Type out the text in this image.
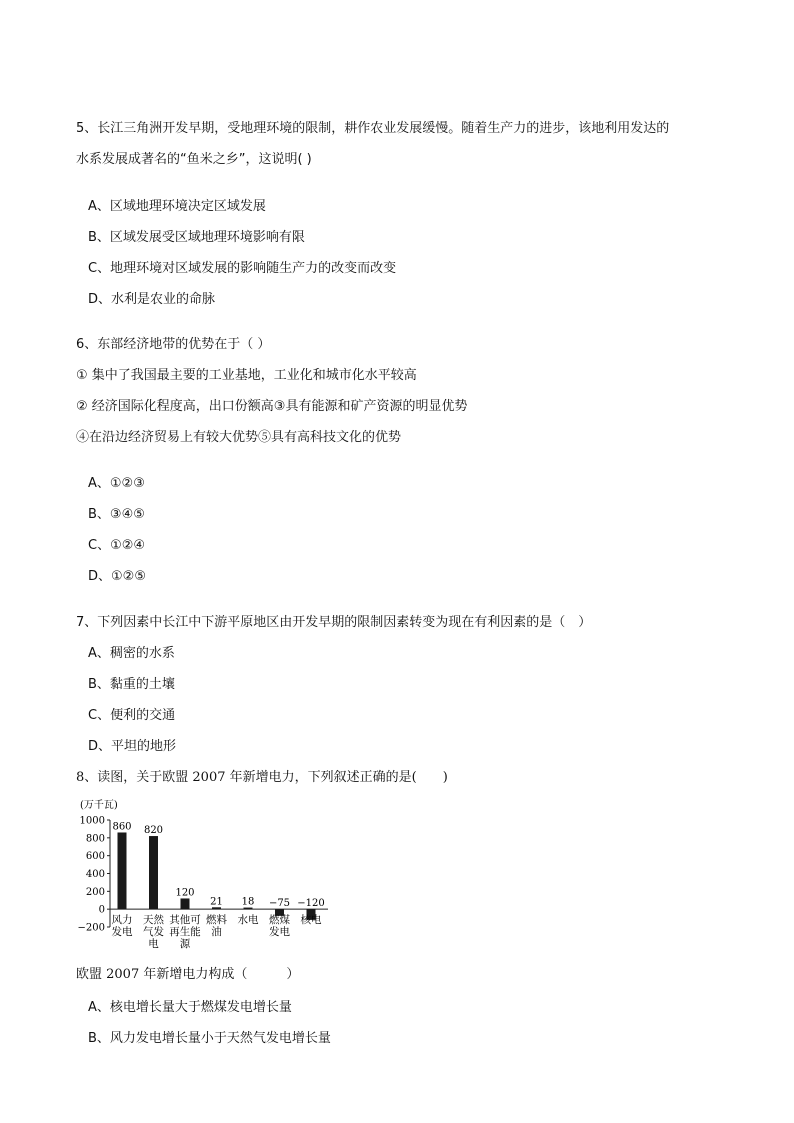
5、长江三角洲开发早期，受地理环境的限制，耕作农业发展缓慢。随着生产力的进步，该地利用发达的
水系发展成著名的“鱼米之乡”，这说明( )
A、区域地理环境决定区域发展
B、区域发展受区域地理环境影响有限
C、地理环境对区域发展的影响随生产力的改变而改变
D、水利是农业的命脉
6、东部经济地带的优势在于（ ）
① 集中了我国最主要的工业基地，工业化和城市化水平较高
② 经济国际化程度高，出口份额高③具有能源和矿产资源的明显优势
④在沿边经济贸易上有较大优势⑤具有高科技文化的优势
A、①②③
B、③④⑤
C、①②④
D、①②⑤
7、下列因素中长江中下游平原地区由开发早期的限制因素转变为现在有利因素的是（　）
A、稠密的水系
B、黏重的土壤
C、便利的交通
D、平坦的地形
8、读图，关于欧盟 2007 年新增电力，下列叙述正确的是(　　)
(万千瓦)
1000
800
600
400
200
0
−200
860 820
120
21 18 −75 −120
风力
发电
天然
气发
电
其他可
再生能
源
燃料
油
水电 燃煤
发电
核电
欧盟 2007 年新增电力构成（　　　）
A、核电增长量大于燃煤发电增长量
B、风力发电增长量小于天然气发电增长量
